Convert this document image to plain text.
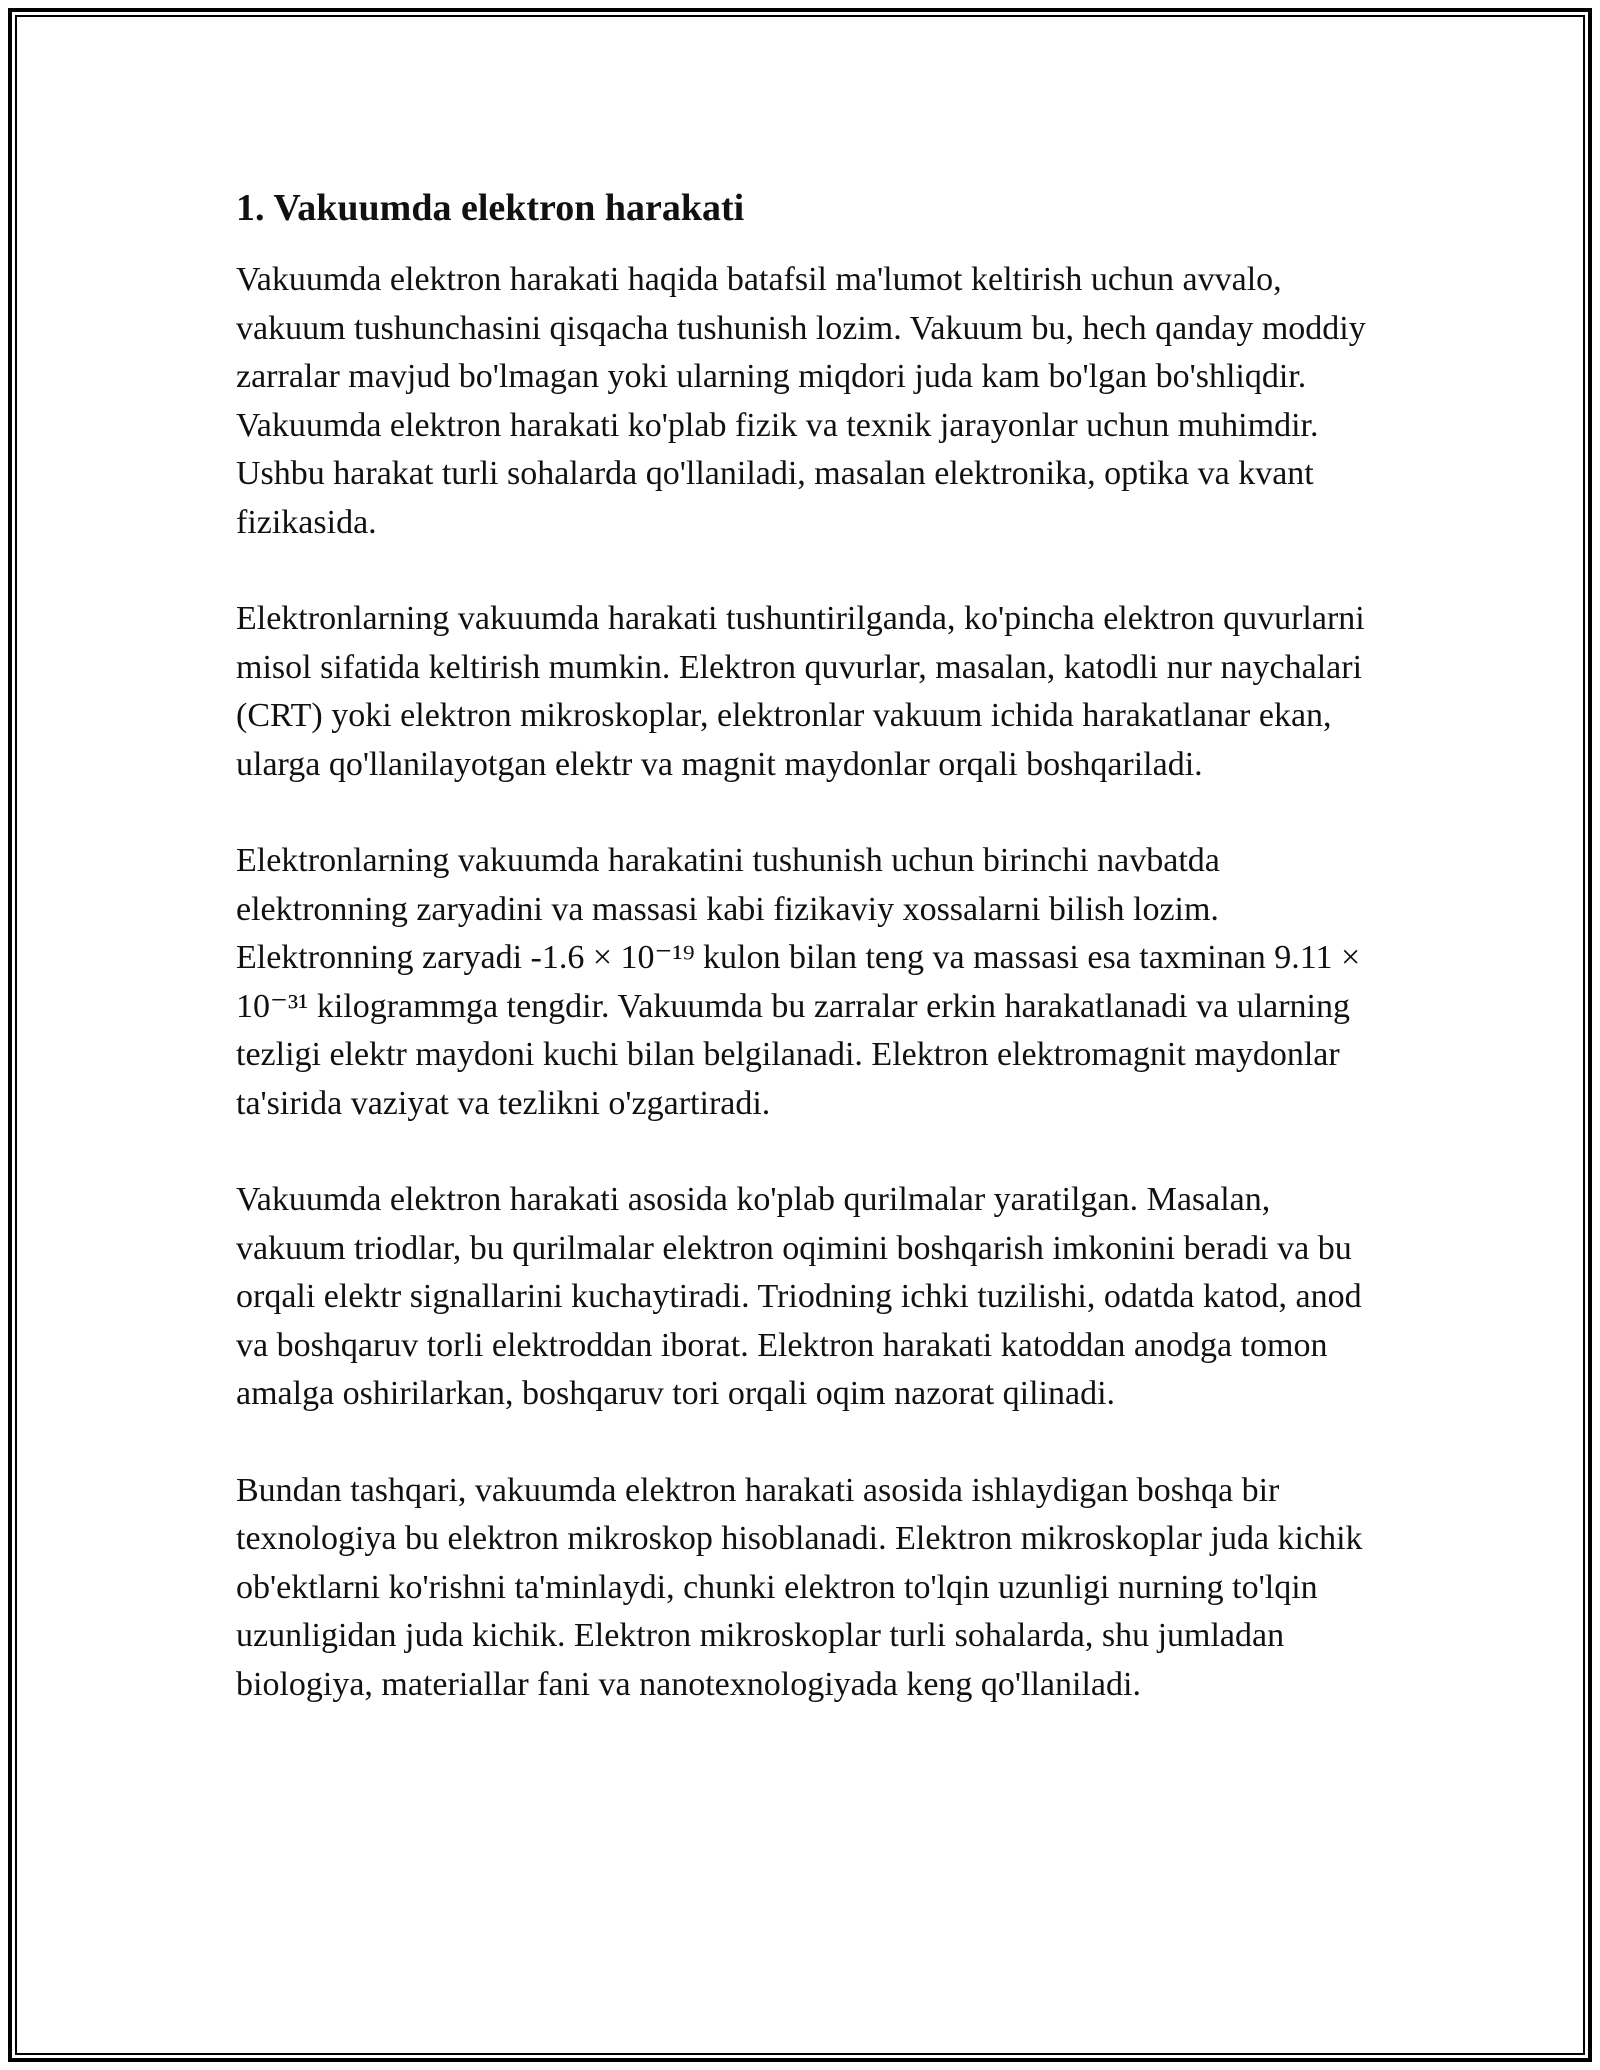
1. Vakuumda elektron harakati

Vakuumda elektron harakati haqida batafsil ma'lumot keltirish uchun avvalo, vakuum tushunchasini qisqacha tushunish lozim. Vakuum bu, hech qanday moddiy zarralar mavjud bo'lmagan yoki ularning miqdori juda kam bo'lgan bo'shliqdir. Vakuumda elektron harakati ko'plab fizik va texnik jarayonlar uchun muhimdir. Ushbu harakat turli sohalarda qo'llaniladi, masalan elektronika, optika va kvant fizikasida.

Elektronlarning vakuumda harakati tushuntirilganda, ko'pincha elektron quvurlarni misol sifatida keltirish mumkin. Elektron quvurlar, masalan, katodli nur naychalari (CRT) yoki elektron mikroskoplar, elektronlar vakuum ichida harakatlanar ekan, ularga qo'llanilayotgan elektr va magnit maydonlar orqali boshqariladi.

Elektronlarning vakuumda harakatini tushunish uchun birinchi navbatda elektronning zaryadini va massasi kabi fizikaviy xossalarni bilish lozim. Elektronning zaryadi -1.6 × 10⁻¹⁹ kulon bilan teng va massasi esa taxminan 9.11 × 10⁻³¹ kilogrammga tengdir. Vakuumda bu zarralar erkin harakatlanadi va ularning tezligi elektr maydoni kuchi bilan belgilanadi. Elektron elektromagnit maydonlar ta'sirida vaziyat va tezlikni o'zgartiradi.

Vakuumda elektron harakati asosida ko'plab qurilmalar yaratilgan. Masalan, vakuum triodlar, bu qurilmalar elektron oqimini boshqarish imkonini beradi va bu orqali elektr signallarini kuchaytiradi. Triodning ichki tuzilishi, odatda katod, anod va boshqaruv torli elektroddan iborat. Elektron harakati katoddan anodga tomon amalga oshirilarkan, boshqaruv tori orqali oqim nazorat qilinadi.

Bundan tashqari, vakuumda elektron harakati asosida ishlaydigan boshqa bir texnologiya bu elektron mikroskop hisoblanadi. Elektron mikroskoplar juda kichik ob'ektlarni ko'rishni ta'minlaydi, chunki elektron to'lqin uzunligi nurning to'lqin uzunligidan juda kichik. Elektron mikroskoplar turli sohalarda, shu jumladan biologiya, materiallar fani va nanotexnologiyada keng qo'llaniladi.
